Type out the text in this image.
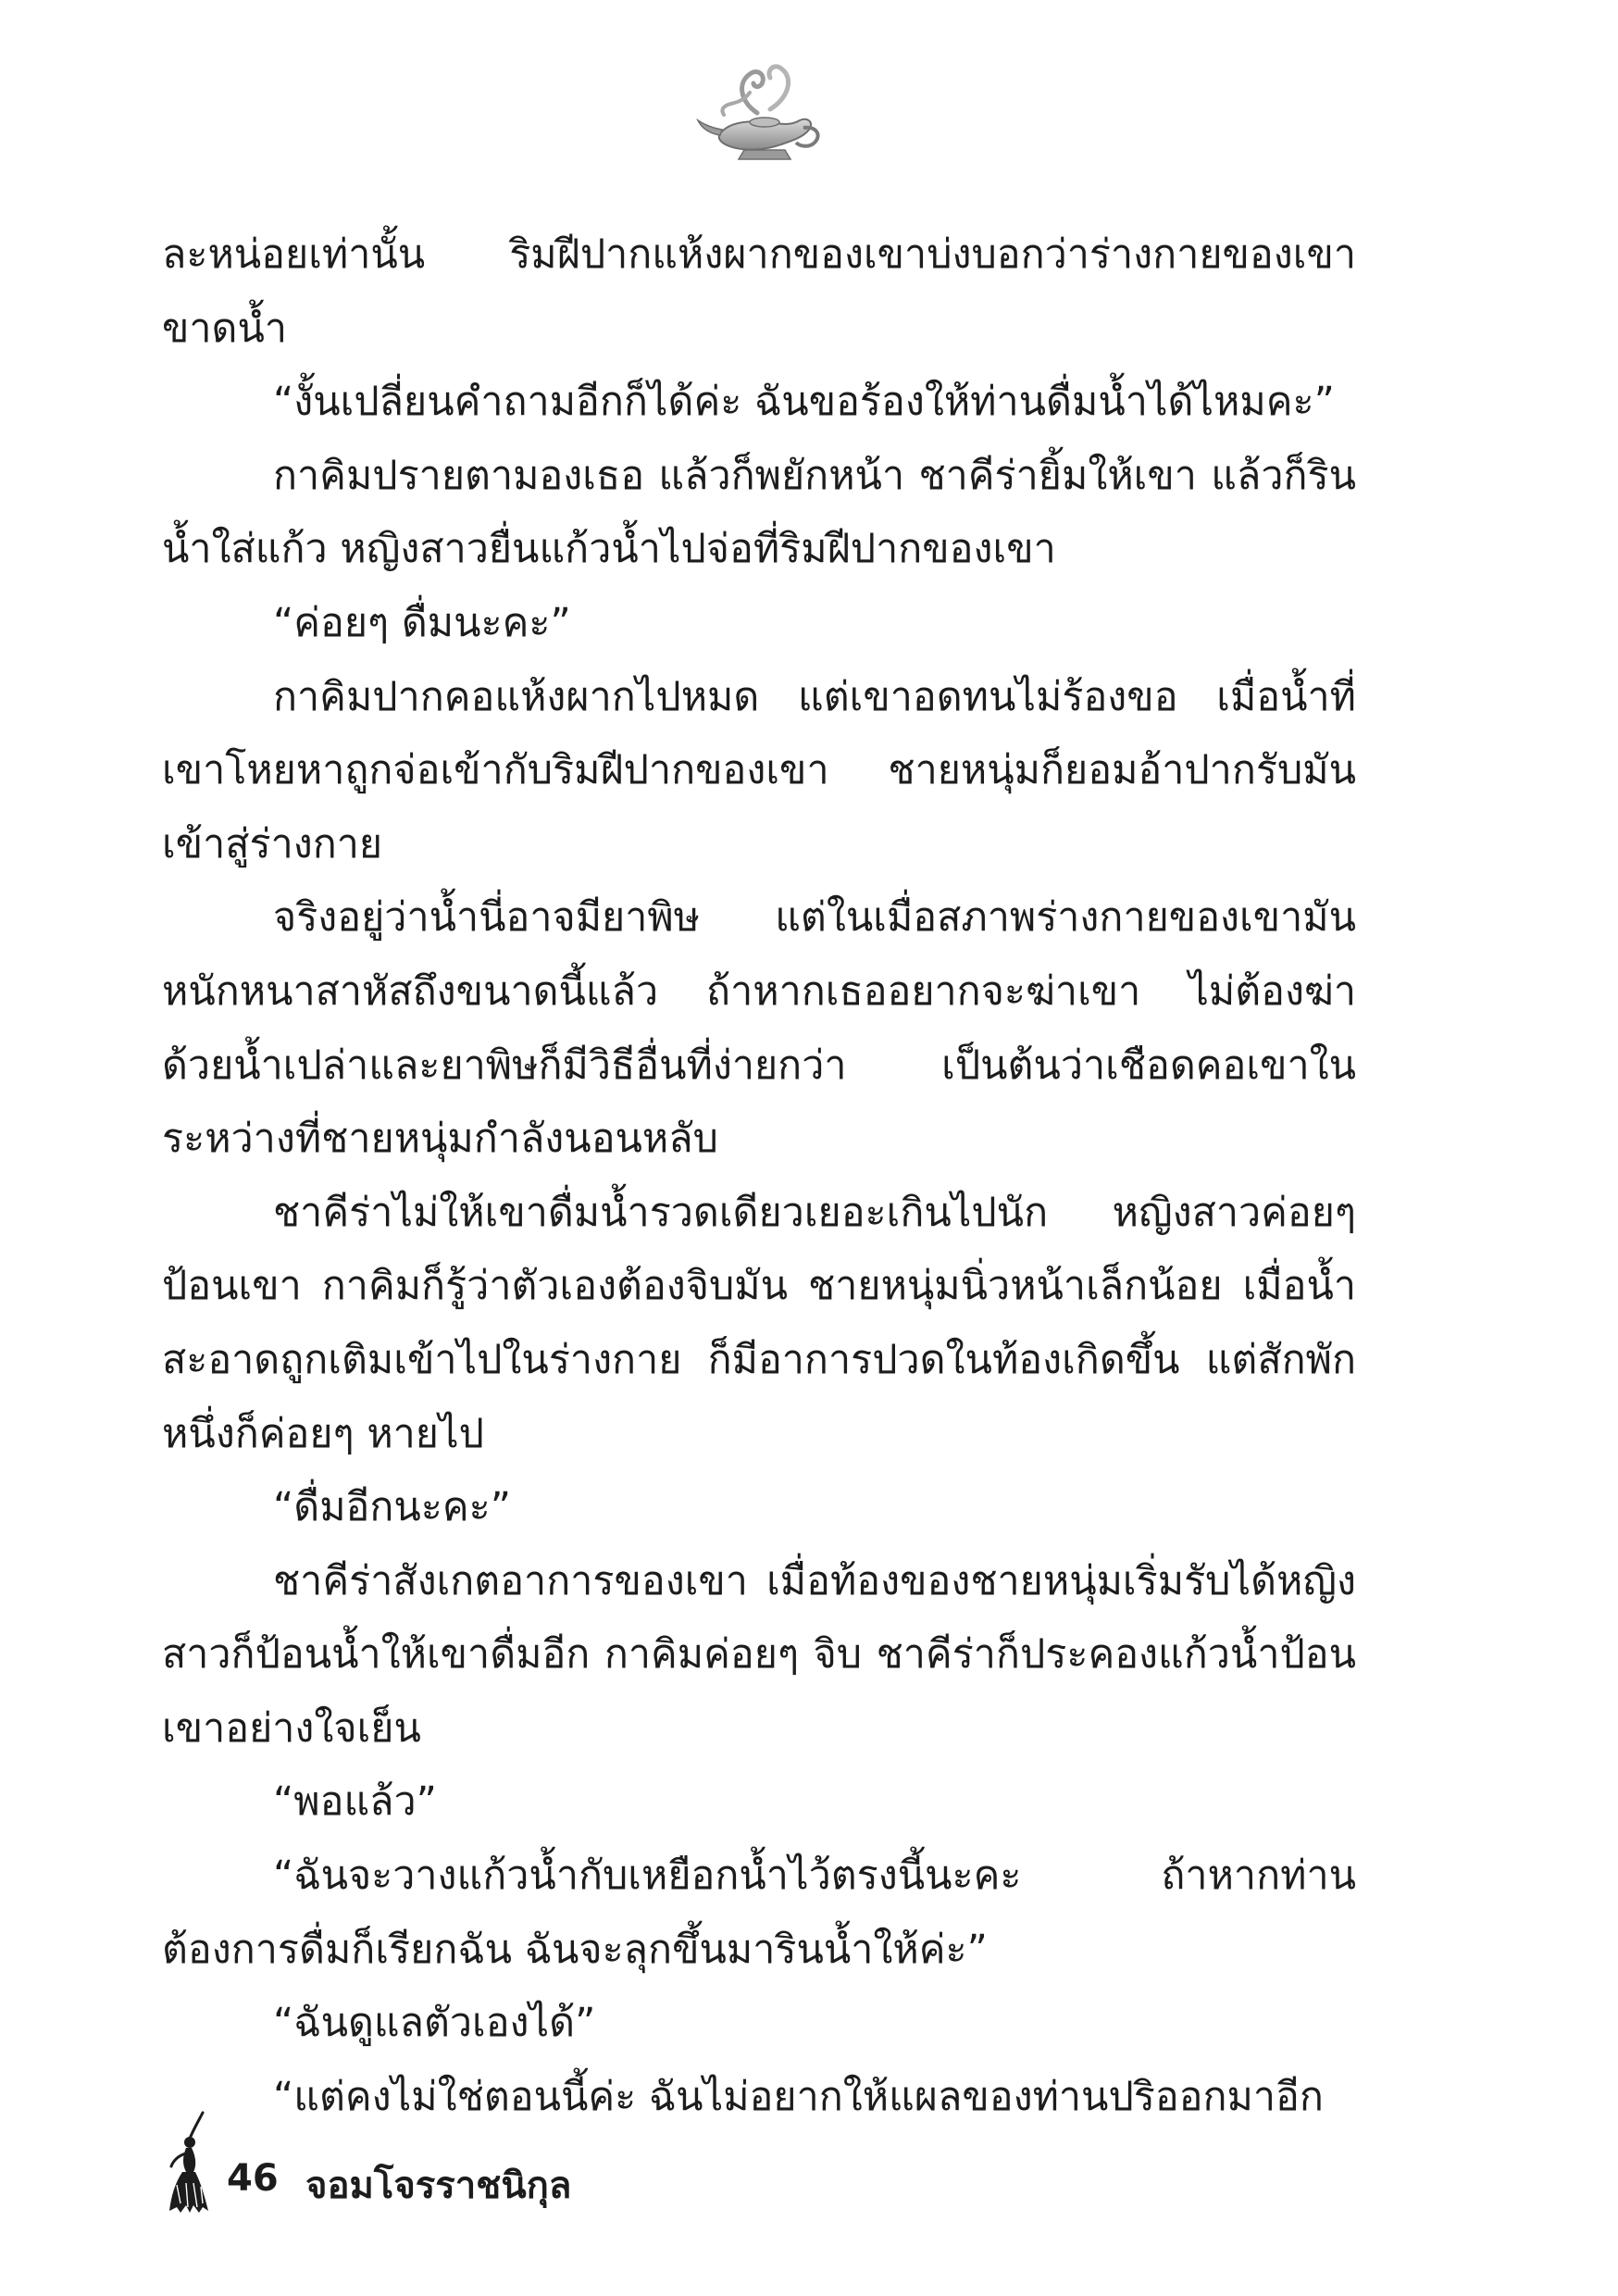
ละหน่อยเท่านั้น ริมฝีปากแห้งผากของเขาบ่งบอกว่าร่างกายของเขาขาดน้ำ

“งั้นเปลี่ยนคำถามอีกก็ได้ค่ะ ฉันขอร้องให้ท่านดื่มน้ำได้ไหมคะ”

กาคิมปรายตามองเธอ แล้วก็พยักหน้า ชาคีร่ายิ้มให้เขา แล้วก็รินน้ำใส่แก้ว หญิงสาวยื่นแก้วน้ำไปจ่อที่ริมฝีปากของเขา

“ค่อยๆ ดื่มนะคะ”

กาคิมปากคอแห้งผากไปหมด แต่เขาอดทนไม่ร้องขอ เมื่อน้ำที่เขาโหยหาถูกจ่อเข้ากับริมฝีปากของเขา ชายหนุ่มก็ยอมอ้าปากรับมันเข้าสู่ร่างกาย

จริงอยู่ว่าน้ำนี่อาจมียาพิษ แต่ในเมื่อสภาพร่างกายของเขามันหนักหนาสาหัสถึงขนาดนี้แล้ว ถ้าหากเธออยากจะฆ่าเขา ไม่ต้องฆ่าด้วยน้ำเปล่าและยาพิษก็มีวิธีอื่นที่ง่ายกว่า เป็นต้นว่าเชือดคอเขาในระหว่างที่ชายหนุ่มกำลังนอนหลับ

ชาคีร่าไม่ให้เขาดื่มน้ำรวดเดียวเยอะเกินไปนัก หญิงสาวค่อยๆป้อนเขา กาคิมก็รู้ว่าตัวเองต้องจิบมัน ชายหนุ่มนิ่วหน้าเล็กน้อย เมื่อน้ำสะอาดถูกเติมเข้าไปในร่างกาย ก็มีอาการปวดในท้องเกิดขึ้น แต่สักพักหนึ่งก็ค่อยๆ หายไป

“ดื่มอีกนะคะ”

ชาคีร่าสังเกตอาการของเขา เมื่อท้องของชายหนุ่มเริ่มรับได้หญิงสาวก็ป้อนน้ำให้เขาดื่มอีก กาคิมค่อยๆ จิบ ชาคีร่าก็ประคองแก้วน้ำป้อนเขาอย่างใจเย็น

“พอแล้ว”

“ฉันจะวางแก้วน้ำกับเหยือกน้ำไว้ตรงนี้นะคะ ถ้าหากท่านต้องการดื่มก็เรียกฉัน ฉันจะลุกขึ้นมารินน้ำให้ค่ะ”

“ฉันดูแลตัวเองได้”

“แต่คงไม่ใช่ตอนนี้ค่ะ ฉันไม่อยากให้แผลของท่านปริออกมาอีก

46 จอมโจรราชนิกุล
